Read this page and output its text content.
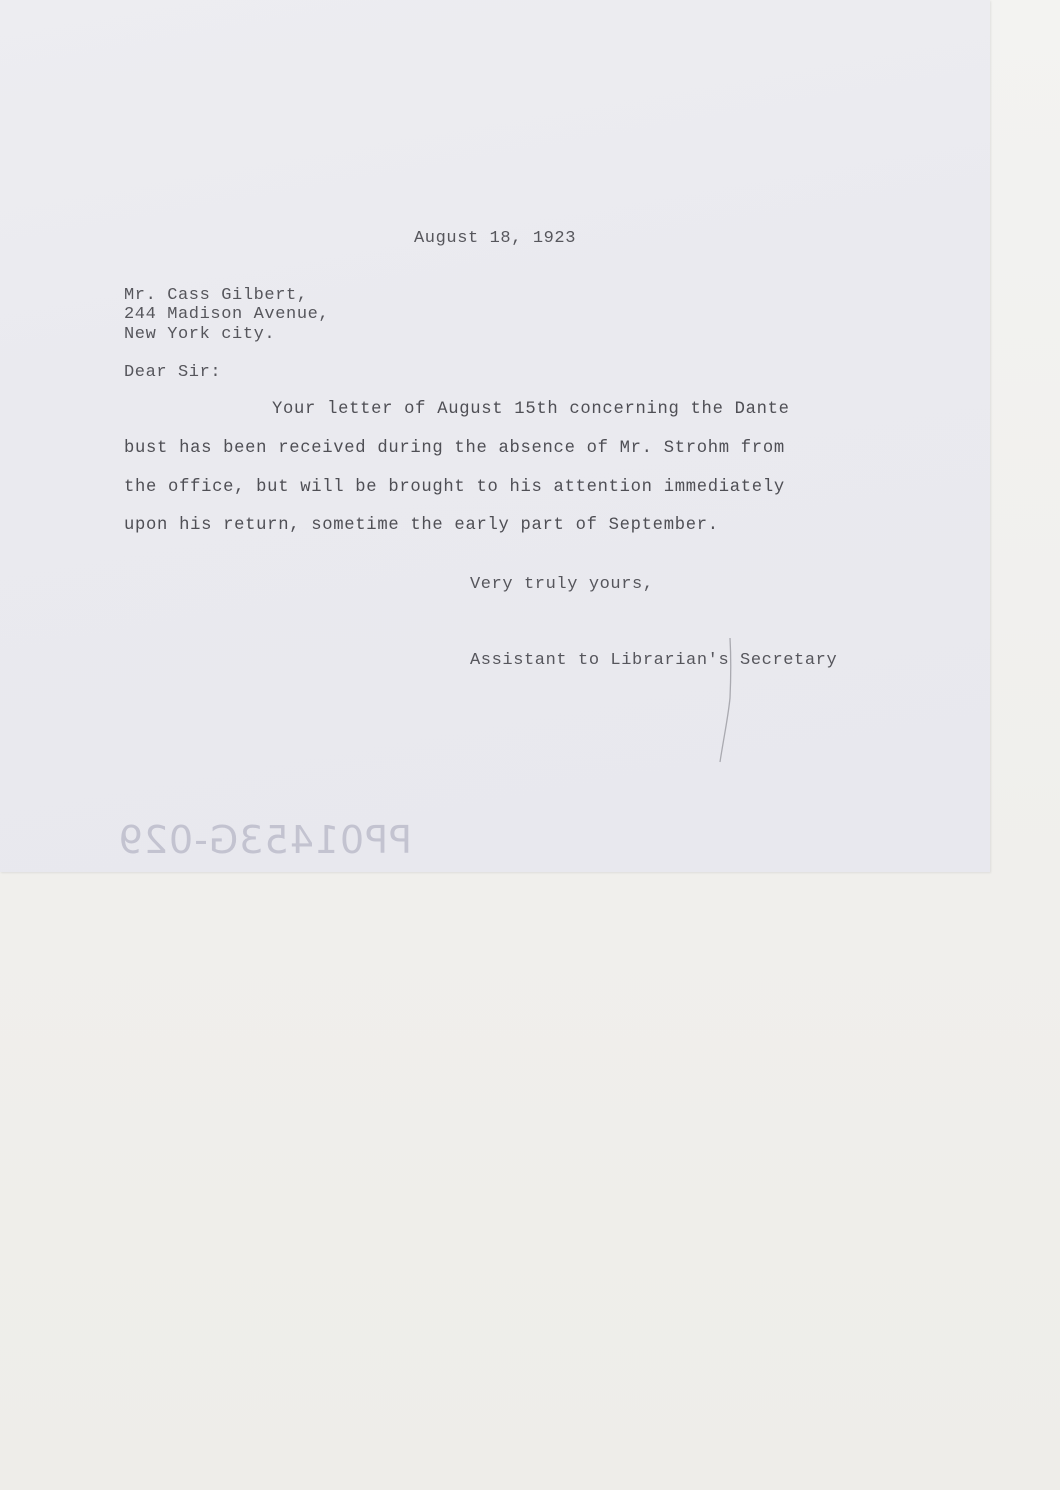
August 18, 1923
Mr. Cass Gilbert,
244 Madison Avenue,
New York city.
Dear Sir:
Your letter of August 15th concerning the Dante
bust has been received during the absence of Mr. Strohm from
the office, but will be brought to his attention immediately
upon his return, sometime the early part of September.
Very truly yours,
Assistant to Librarian's Secretary
PP01453G-029
